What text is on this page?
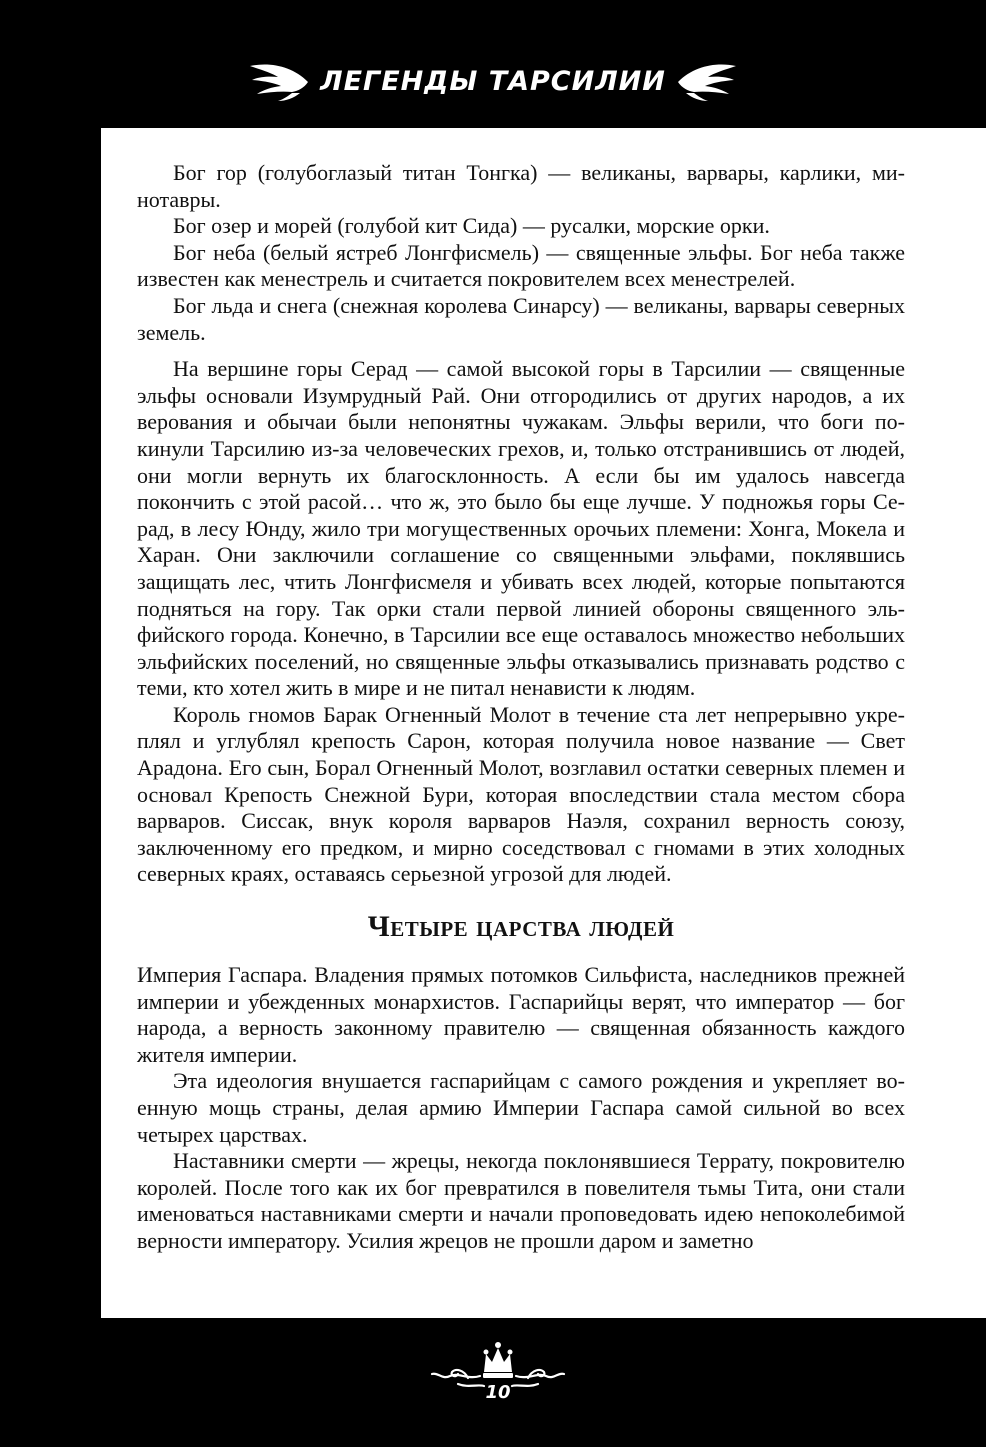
ЛЕГЕНДЫ ТАРСИЛИИ

Бог гор (голубоглазый титан Тонгка) — великаны, варвары, карлики, минотавры.

Бог озер и морей (голубой кит Сида) — русалки, морские орки.

Бог неба (белый ястреб Лонгфисмель) — священные эльфы. Бог неба также известен как менестрель и считается покровителем всех менестрелей.

Бог льда и снега (снежная королева Синарсу) — великаны, варвары северных земель.

На вершине горы Серад — самой высокой горы в Тарсилии — священные эльфы основали Изумрудный Рай. Они отгородились от других народов, а их верования и обычаи были непонятны чужакам. Эльфы верили, что боги покинули Тарсилию из-за человеческих грехов, и, только отстранившись от людей, они могли вернуть их благосклонность. А если бы им удалось навсегда покончить с этой расой… что ж, это было бы еще лучше. У подножья горы Серад, в лесу Юнду, жило три могущественных орочьих племени: Хонга, Мокела и Харан. Они заключили соглашение со священными эльфами, поклявшись защищать лес, чтить Лонгфисмеля и убивать всех людей, которые попытаются подняться на гору. Так орки стали первой линией обороны священного эльфийского города. Конечно, в Тарсилии все еще оставалось множество небольших эльфийских поселений, но священные эльфы отказывались признавать родство с теми, кто хотел жить в мире и не питал ненависти к людям.

Король гномов Барак Огненный Молот в течение ста лет непрерывно укреплял и углублял крепость Сарон, которая получила новое название — Свет Арадона. Его сын, Борал Огненный Молот, возглавил остатки северных племен и основал Крепость Снежной Бури, которая впоследствии стала местом сбора варваров. Сиссак, внук короля варваров Наэля, сохранил верность союзу, заключенному его предком, и мирно соседствовал с гномами в этих холодных северных краях, оставаясь серьезной угрозой для людей.

Четыре царства людей

Империя Гаспара. Владения прямых потомков Сильфиста, наследников прежней империи и убежденных монархистов. Гаспарийцы верят, что император — бог народа, а верность законному правителю — священная обязанность каждого жителя империи.

Эта идеология внушается гаспарийцам с самого рождения и укрепляет военную мощь страны, делая армию Империи Гаспара самой сильной во всех четырех царствах.

Наставники смерти — жрецы, некогда поклонявшиеся Террату, покровителю королей. После того как их бог превратился в повелителя тьмы Тита, они стали именоваться наставниками смерти и начали проповедовать идею непоколебимой верности императору. Усилия жрецов не прошли даром и заметно

10
